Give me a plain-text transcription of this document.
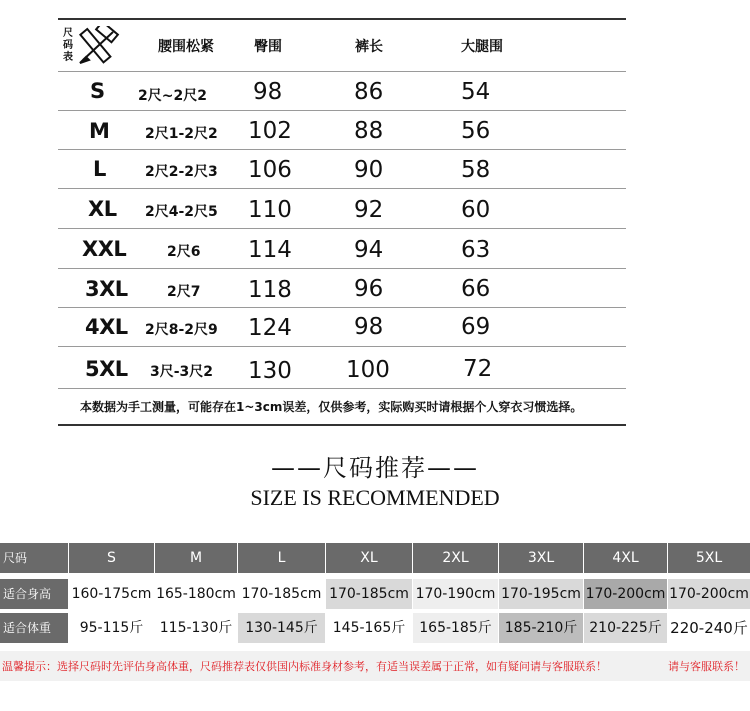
尺
码
表
腰围松紧	臀围	裤长	大腿围
S 2尺~2尺2 98	86	54
M	2尺1-2尺2 102	88	56
L	2尺2-2尺3 106	90	58
XL 2尺4-2尺5 110	92	60
XXL	2尺6 114	94	63
3XL	2尺7 118	96	66
4XL 2尺8-2尺9 124	98	69
5XL 3尺-3尺2 130 100	72
本数据为手工测量，可能存在1~3cm误差，仅供参考，实际购买时请根据个人穿衣习惯选择。
——尺码推荐——
SIZE IS RECOMMENDED
尺码	S	M	L	XL	2XL	3XL	4XL	5XL
适合身高	160-175cm 165-180cm 170-185cm 170-185cm 170-190cm 170-195cm 170-200cm 170-200cm
适合体重	95-115斤	115-130斤 130-145斤	145-165斤	165-185斤 185-210斤 210-225斤 220-240斤
温馨提示：选择尺码时先评估身高体重，尺码推荐表仅供国内标准身材参考，有适当误差属于正常，如有疑问请与客服联系！	请与客服联系！
